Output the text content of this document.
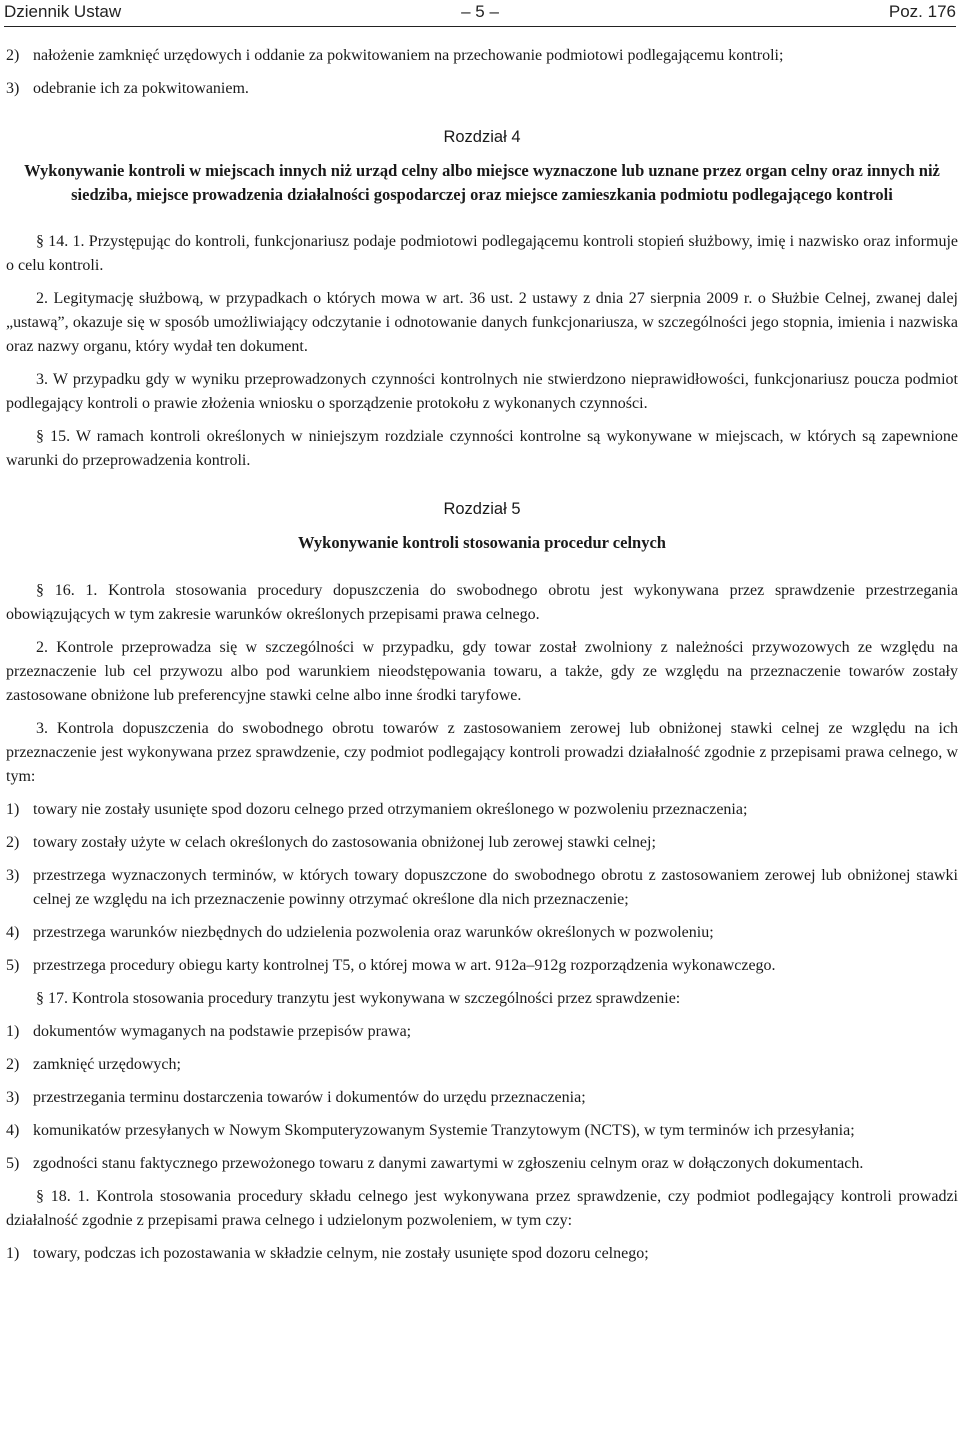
Dziennik Ustaw	– 5 –	Poz. 176
2) nałożenie zamknięć urzędowych i oddanie za pokwitowaniem na przechowanie podmiotowi podlegającemu kontroli;

3) odebranie ich za pokwitowaniem.

Rozdział 4
Wykonywanie kontroli w miejscach innych niż urząd celny albo miejsce wyznaczone lub uznane przez organ celny oraz innych niż siedziba, miejsce prowadzenia działalności gospodarczej oraz miejsce zamieszkania podmiotu podlegającego kontroli

§ 14. 1. Przystępując do kontroli, funkcjonariusz podaje podmiotowi podlegającemu kontroli stopień służbowy, imię i nazwisko oraz informuje o celu kontroli.

2. Legitymację służbową, w przypadkach o których mowa w art. 36 ust. 2 ustawy z dnia 27 sierpnia 2009 r. o Służbie Celnej, zwanej dalej „ustawą”, okazuje się w sposób umożliwiający odczytanie i odnotowanie danych funkcjonariusza, w szczególności jego stopnia, imienia i nazwiska oraz nazwy organu, który wydał ten dokument.

3. W przypadku gdy w wyniku przeprowadzonych czynności kontrolnych nie stwierdzono nieprawidłowości, funkcjonariusz poucza podmiot podlegający kontroli o prawie złożenia wniosku o sporządzenie protokołu z wykonanych czynności.

§ 15. W ramach kontroli określonych w niniejszym rozdziale czynności kontrolne są wykonywane w miejscach, w których są zapewnione warunki do przeprowadzenia kontroli.

Rozdział 5
Wykonywanie kontroli stosowania procedur celnych

§ 16. 1. Kontrola stosowania procedury dopuszczenia do swobodnego obrotu jest wykonywana przez sprawdzenie przestrzegania obowiązujących w tym zakresie warunków określonych przepisami prawa celnego.

2. Kontrole przeprowadza się w szczególności w przypadku, gdy towar został zwolniony z należności przywozowych ze względu na przeznaczenie lub cel przywozu albo pod warunkiem nieodstępowania towaru, a także, gdy ze względu na przeznaczenie towarów zostały zastosowane obniżone lub preferencyjne stawki celne albo inne środki taryfowe.

3. Kontrola dopuszczenia do swobodnego obrotu towarów z zastosowaniem zerowej lub obniżonej stawki celnej ze względu na ich przeznaczenie jest wykonywana przez sprawdzenie, czy podmiot podlegający kontroli prowadzi działalność zgodnie z przepisami prawa celnego, w tym:

1) towary nie zostały usunięte spod dozoru celnego przed otrzymaniem określonego w pozwoleniu przeznaczenia;

2) towary zostały użyte w celach określonych do zastosowania obniżonej lub zerowej stawki celnej;

3) przestrzega wyznaczonych terminów, w których towary dopuszczone do swobodnego obrotu z zastosowaniem zerowej lub obniżonej stawki celnej ze względu na ich przeznaczenie powinny otrzymać określone dla nich przeznaczenie;

4) przestrzega warunków niezbędnych do udzielenia pozwolenia oraz warunków określonych w pozwoleniu;

5) przestrzega procedury obiegu karty kontrolnej T5, o której mowa w art. 912a–912g rozporządzenia wykonawczego.

§ 17. Kontrola stosowania procedury tranzytu jest wykonywana w szczególności przez sprawdzenie:

1) dokumentów wymaganych na podstawie przepisów prawa;

2) zamknięć urzędowych;

3) przestrzegania terminu dostarczenia towarów i dokumentów do urzędu przeznaczenia;

4) komunikatów przesyłanych w Nowym Skomputeryzowanym Systemie Tranzytowym (NCTS), w tym terminów ich przesyłania;

5) zgodności stanu faktycznego przewożonego towaru z danymi zawartymi w zgłoszeniu celnym oraz w dołączonych dokumentach.

§ 18. 1. Kontrola stosowania procedury składu celnego jest wykonywana przez sprawdzenie, czy podmiot podlegający kontroli prowadzi działalność zgodnie z przepisami prawa celnego i udzielonym pozwoleniem, w tym czy:

1) towary, podczas ich pozostawania w składzie celnym, nie zostały usunięte spod dozoru celnego;
